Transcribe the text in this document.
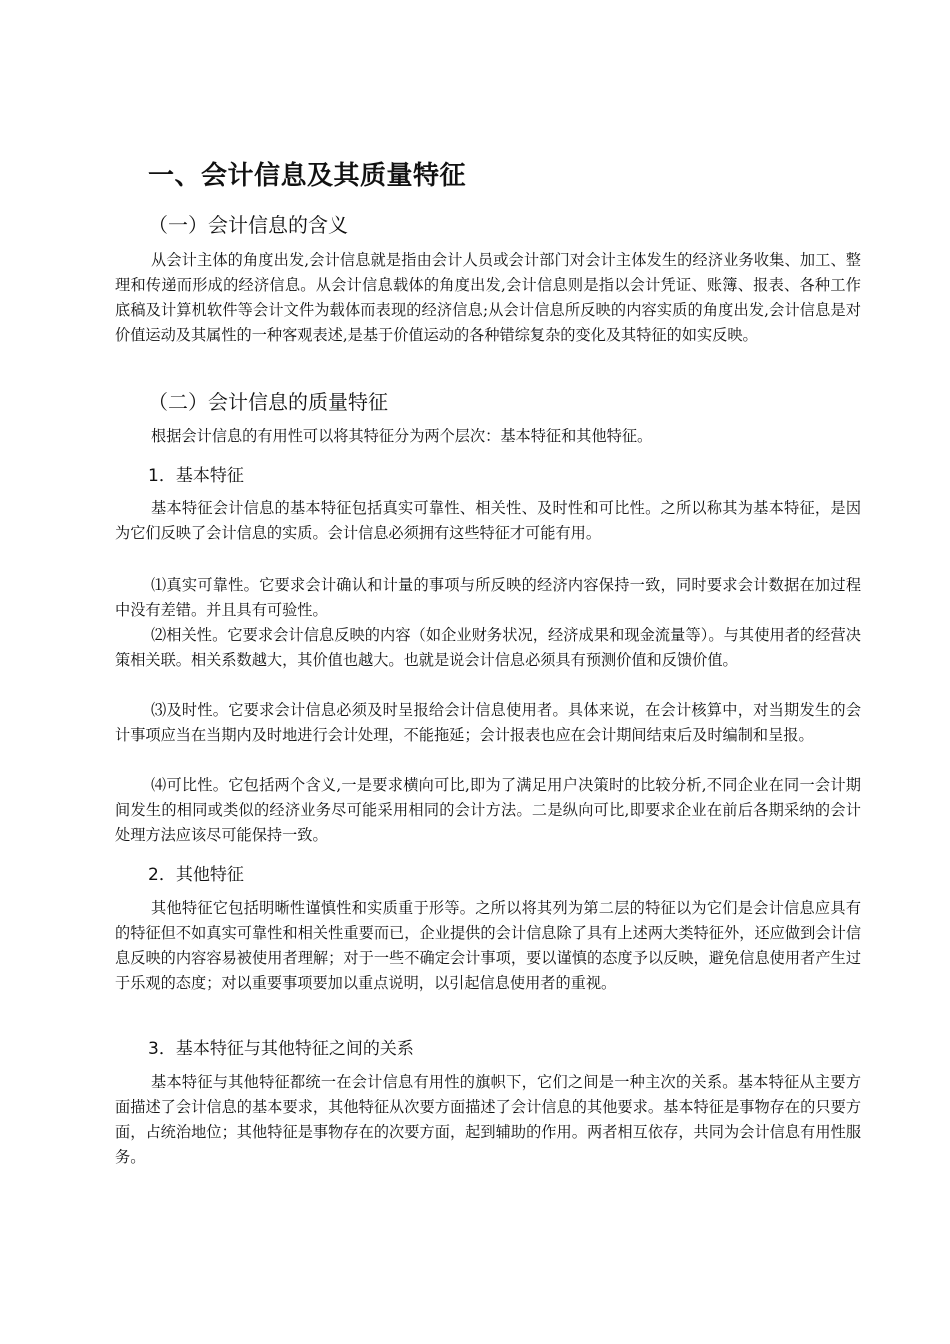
一、会计信息及其质量特征
（一）会计信息的含义

从会计主体的角度出发,会计信息就是指由会计人员或会计部门对会计主体发生的经济业务收集、加工、整理和传递而形成的经济信息。从会计信息载体的角度出发,会计信息则是指以会计凭证、账簿、报表、各种工作底稿及计算机软件等会计文件为载体而表现的经济信息;从会计信息所反映的内容实质的角度出发,会计信息是对价值运动及其属性的一种客观表述,是基于价值运动的各种错综复杂的变化及其特征的如实反映。

（二）会计信息的质量特征

根据会计信息的有用性可以将其特征分为两个层次：基本特征和其他特征。

1．基本特征

基本特征会计信息的基本特征包括真实可靠性、相关性、及时性和可比性。之所以称其为基本特征，是因为它们反映了会计信息的实质。会计信息必须拥有这些特征才可能有用。

⑴真实可靠性。它要求会计确认和计量的事项与所反映的经济内容保持一致，同时要求会计数据在加过程中没有差错。并且具有可验性。

⑵相关性。它要求会计信息反映的内容（如企业财务状况，经济成果和现金流量等）。与其使用者的经营决策相关联。相关系数越大，其价值也越大。也就是说会计信息必须具有预测价值和反馈价值。

⑶及时性。它要求会计信息必须及时呈报给会计信息使用者。具体来说，在会计核算中，对当期发生的会计事项应当在当期内及时地进行会计处理，不能拖延；会计报表也应在会计期间结束后及时编制和呈报。

⑷可比性。它包括两个含义,一是要求横向可比,即为了满足用户决策时的比较分析,不同企业在同一会计期间发生的相同或类似的经济业务尽可能采用相同的会计方法。二是纵向可比,即要求企业在前后各期采纳的会计处理方法应该尽可能保持一致。

2．其他特征

其他特征它包括明晰性谨慎性和实质重于形等。之所以将其列为第二层的特征以为它们是会计信息应具有的特征但不如真实可靠性和相关性重要而已，企业提供的会计信息除了具有上述两大类特征外，还应做到会计信息反映的内容容易被使用者理解；对于一些不确定会计事项，要以谨慎的态度予以反映，避免信息使用者产生过于乐观的态度；对以重要事项要加以重点说明，以引起信息使用者的重视。

3．基本特征与其他特征之间的关系

基本特征与其他特征都统一在会计信息有用性的旗帜下，它们之间是一种主次的关系。基本特征从主要方面描述了会计信息的基本要求，其他特征从次要方面描述了会计信息的其他要求。基本特征是事物存在的只要方面，占统治地位；其他特征是事物存在的次要方面，起到辅助的作用。两者相互依存，共同为会计信息有用性服务。
